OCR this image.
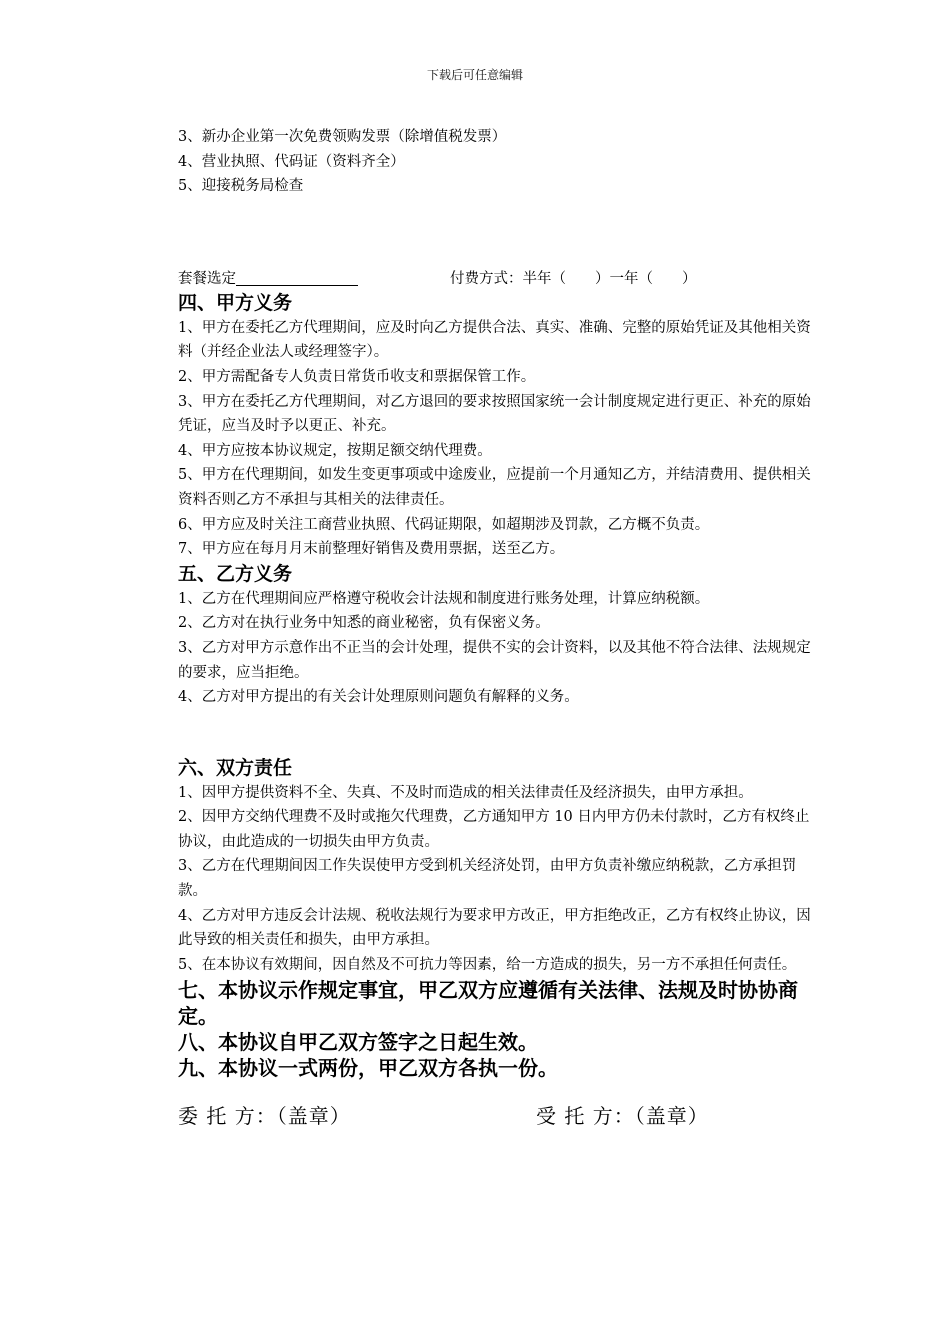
下载后可任意编辑
3、新办企业第一次免费领购发票（除增值税发票）
4、营业执照、代码证（资料齐全）
5、迎接税务局检查
套餐选定	付费方式：半年（　　）一年（　　）
四、甲方义务
1、甲方在委托乙方代理期间，应及时向乙方提供合法、真实、准确、完整的原始凭证及其他相关资料（并经企业法人或经理签字）。
2、甲方需配备专人负责日常货币收支和票据保管工作。
3、甲方在委托乙方代理期间，对乙方退回的要求按照国家统一会计制度规定进行更正、补充的原始凭证，应当及时予以更正、补充。
4、甲方应按本协议规定，按期足额交纳代理费。
5、甲方在代理期间，如发生变更事项或中途废业，应提前一个月通知乙方，并结清费用、提供相关资料否则乙方不承担与其相关的法律责任。
6、甲方应及时关注工商营业执照、代码证期限，如超期涉及罚款，乙方概不负责。
7、甲方应在每月月末前整理好销售及费用票据，送至乙方。
五、乙方义务
1、乙方在代理期间应严格遵守税收会计法规和制度进行账务处理，计算应纳税额。
2、乙方对在执行业务中知悉的商业秘密，负有保密义务。
3、乙方对甲方示意作出不正当的会计处理，提供不实的会计资料，以及其他不符合法律、法规规定的要求，应当拒绝。
4、乙方对甲方提出的有关会计处理原则问题负有解释的义务。
六、双方责任
1、因甲方提供资料不全、失真、不及时而造成的相关法律责任及经济损失，由甲方承担。
2、因甲方交纳代理费不及时或拖欠代理费，乙方通知甲方 10 日内甲方仍未付款时，乙方有权终止协议，由此造成的一切损失由甲方负责。
3、乙方在代理期间因工作失误使甲方受到机关经济处罚，由甲方负责补缴应纳税款，乙方承担罚款。
4、乙方对甲方违反会计法规、税收法规行为要求甲方改正，甲方拒绝改正，乙方有权终止协议，因此导致的相关责任和损失，由甲方承担。
5、在本协议有效期间，因自然及不可抗力等因素，给一方造成的损失，另一方不承担任何责任。
七、本协议示作规定事宜，甲乙双方应遵循有关法律、法规及时协协商定。
八、本协议自甲乙双方签字之日起生效。
九、本协议一式两份，甲乙双方各执一份。
委 托 方：（盖章）	受 托 方：（盖章）
